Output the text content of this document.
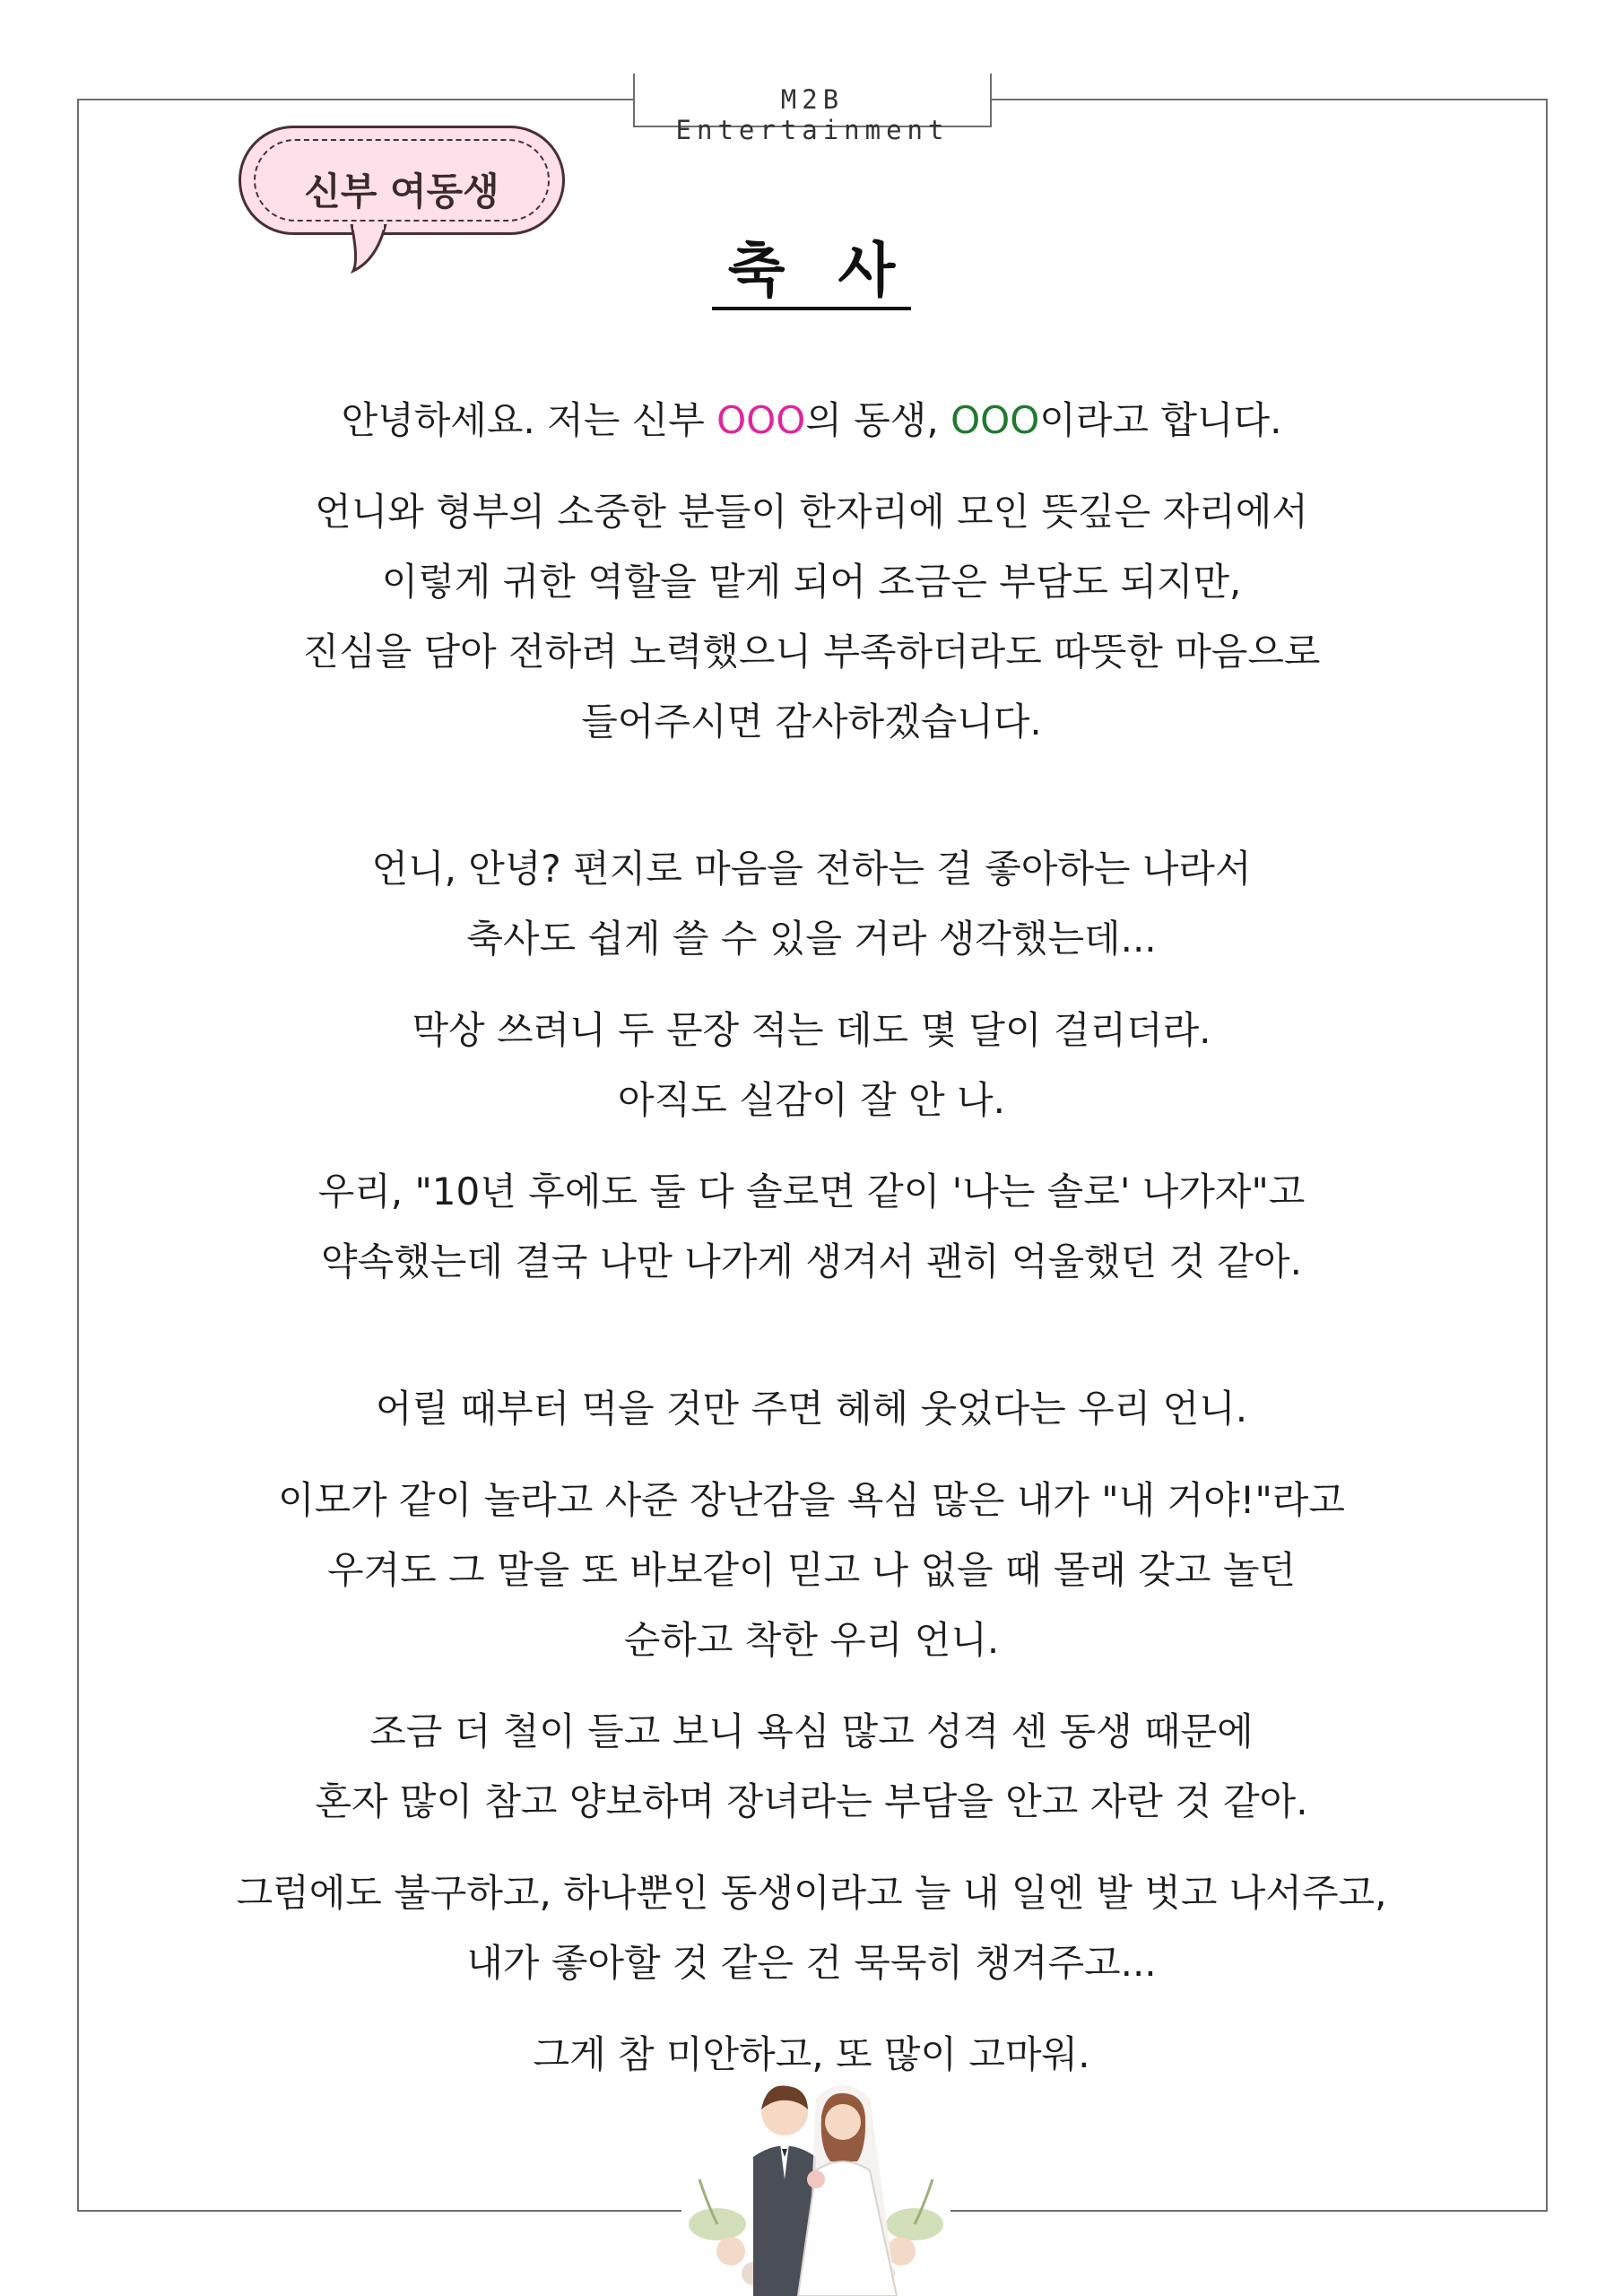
M2B Entertainment
신부 여동생
축 사
안녕하세요. 저는 신부 OOO의 동생, OOO이라고 합니다.
언니와 형부의 소중한 분들이 한자리에 모인 뜻깊은 자리에서
이렇게 귀한 역할을 맡게 되어 조금은 부담도 되지만,
진심을 담아 전하려 노력했으니 부족하더라도 따뜻한 마음으로
들어주시면 감사하겠습니다.
언니, 안녕? 편지로 마음을 전하는 걸 좋아하는 나라서
축사도 쉽게 쓸 수 있을 거라 생각했는데...
막상 쓰려니 두 문장 적는 데도 몇 달이 걸리더라.
아직도 실감이 잘 안 나.
우리, "10년 후에도 둘 다 솔로면 같이 '나는 솔로' 나가자"고
약속했는데 결국 나만 나가게 생겨서 괜히 억울했던 것 같아.
어릴 때부터 먹을 것만 주면 헤헤 웃었다는 우리 언니.
이모가 같이 놀라고 사준 장난감을 욕심 많은 내가 "내 거야!"라고
우겨도 그 말을 또 바보같이 믿고 나 없을 때 몰래 갖고 놀던
순하고 착한 우리 언니.
조금 더 철이 들고 보니 욕심 많고 성격 센 동생 때문에
혼자 많이 참고 양보하며 장녀라는 부담을 안고 자란 것 같아.
그럼에도 불구하고, 하나뿐인 동생이라고 늘 내 일엔 발 벗고 나서주고,
내가 좋아할 것 같은 건 묵묵히 챙겨주고...
그게 참 미안하고, 또 많이 고마워.
